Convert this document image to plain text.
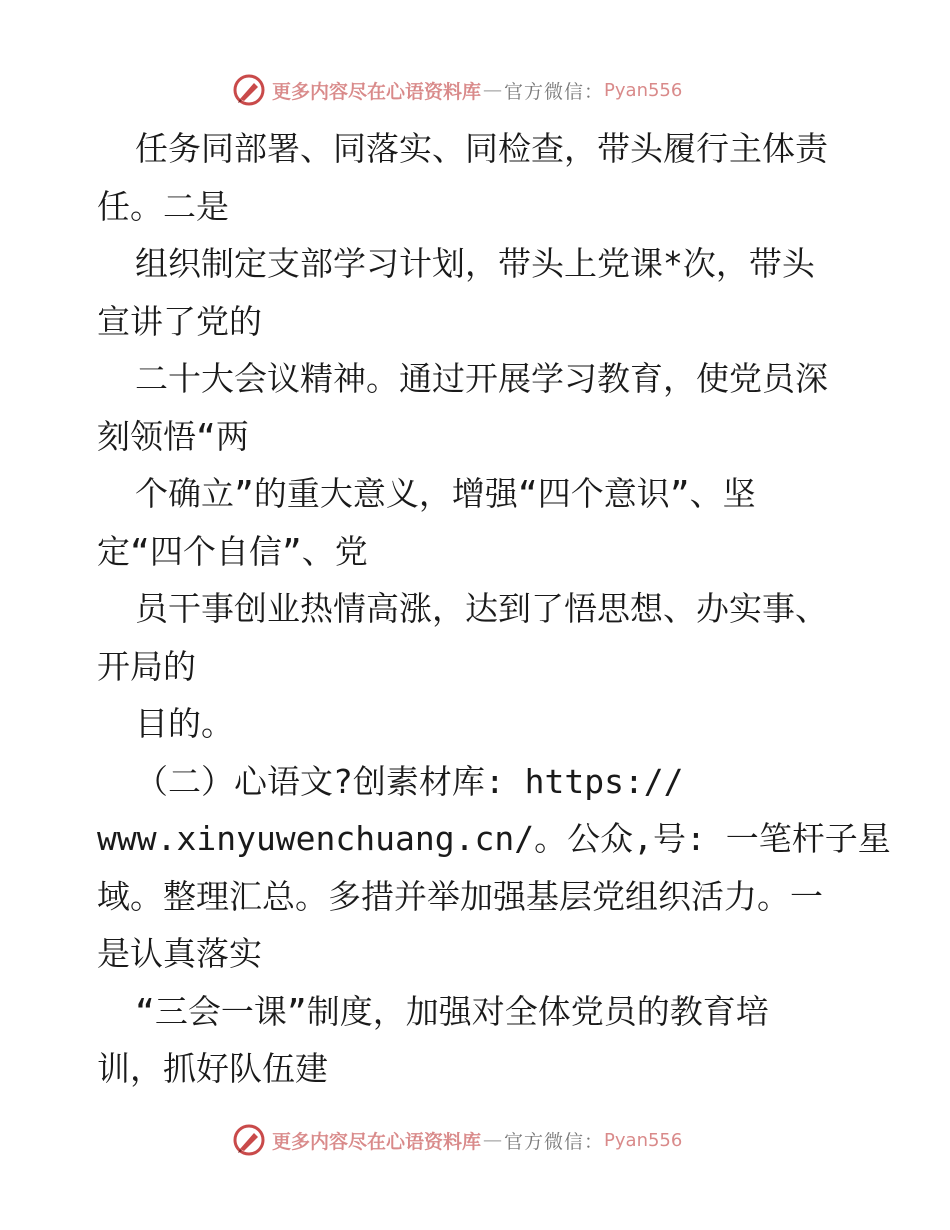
更多内容尽在心语资料库 — 官方微信： Pyan556
任务同部署、同落实、同检查，带头履行主体责
任。二是
组织制定支部学习计划，带头上党课*次，带头
宣讲了党的
二十大会议精神。通过开展学习教育，使党员深
刻领悟“两
个确立”的重大意义，增强“四个意识”、坚
定“四个自信”、党
员干事创业热情高涨，达到了悟思想、办实事、
开局的
目的。
（二）心语文?创素材库: https://
www.xinyuwenchuang.cn/。公众,号: 一笔杆子星
域。整理汇总。多措并举加强基层党组织活力。一
是认真落实
“三会一课”制度，加强对全体党员的教育培
训，抓好队伍建
更多内容尽在心语资料库 — 官方微信： Pyan556
